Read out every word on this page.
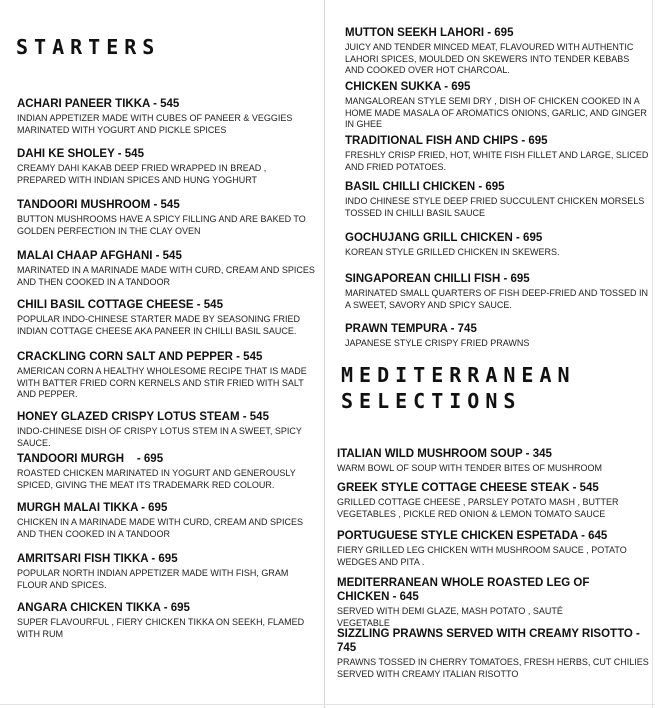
STARTERS

ACHARI PANEER TIKKA - 545

INDIAN APPETIZER MADE WITH CUBES OF PANEER & VEGGIES MARINATED WITH YOGURT AND PICKLE SPICES

DAHI KE SHOLEY - 545

CREAMY DAHI KAKAB DEEP FRIED WRAPPED IN BREAD , PREPARED WITH INDIAN SPICES AND HUNG YOGHURT

TANDOORI MUSHROOM - 545

BUTTON MUSHROOMS HAVE A SPICY FILLING AND ARE BAKED TO GOLDEN PERFECTION IN THE CLAY OVEN

MALAI CHAAP AFGHANI - 545

MARINATED IN A MARINADE MADE WITH CURD, CREAM AND SPICES AND THEN COOKED IN A TANDOOR

CHILI BASIL COTTAGE CHEESE - 545

POPULAR INDO-CHINESE STARTER MADE BY SEASONING FRIED INDIAN COTTAGE CHEESE AKA PANEER IN CHILLI BASIL SAUCE.

CRACKLING CORN SALT AND PEPPER - 545

AMERICAN CORN A HEALTHY WHOLESOME RECIPE THAT IS MADE WITH BATTER FRIED CORN KERNELS AND STIR FRIED WITH SALT AND PEPPER.

HONEY GLAZED CRISPY LOTUS STEAM - 545

INDO-CHINESE DISH OF CRISPY LOTUS STEM IN A SWEET, SPICY SAUCE.

TANDOORI MURGH    - 695

ROASTED CHICKEN MARINATED IN YOGURT AND GENEROUSLY SPICED, GIVING THE MEAT ITS TRADEMARK RED COLOUR.

MURGH MALAI TIKKA - 695

CHICKEN IN A MARINADE MADE WITH CURD, CREAM AND SPICES AND THEN COOKED IN A TANDOOR

AMRITSARI FISH TIKKA - 695

POPULAR NORTH INDIAN APPETIZER MADE WITH FISH, GRAM FLOUR AND SPICES.

ANGARA CHICKEN TIKKA - 695

SUPER FLAVOURFUL , FIERY CHICKEN TIKKA ON SEEKH, FLAMED WITH RUM

MUTTON SEEKH LAHORI - 695

JUICY AND TENDER MINCED MEAT, FLAVOURED WITH AUTHENTIC LAHORI SPICES, MOULDED ON SKEWERS INTO TENDER KEBABS AND COOKED OVER HOT CHARCOAL.

CHICKEN SUKKA - 695

MANGALOREAN STYLE SEMI DRY , DISH OF CHICKEN COOKED IN A HOME MADE MASALA OF AROMATICS ONIONS, GARLIC, AND GINGER IN GHEE

TRADITIONAL FISH AND CHIPS - 695

FRESHLY CRISP FRIED, HOT, WHITE FISH FILLET AND LARGE, SLICED AND FRIED POTATOES.

BASIL CHILLI CHICKEN - 695

INDO CHINESE STYLE DEEP FRIED SUCCULENT CHICKEN MORSELS TOSSED IN CHILLI BASIL SAUCE

GOCHUJANG GRILL CHICKEN - 695

KOREAN STYLE GRILLED CHICKEN IN SKEWERS.

SINGAPOREAN CHILLI FISH - 695

MARINATED SMALL QUARTERS OF FISH DEEP-FRIED AND TOSSED IN A SWEET, SAVORY AND SPICY SAUCE.

PRAWN TEMPURA - 745

JAPANESE STYLE CRISPY FRIED PRAWNS

MEDITERRANEAN
SELECTIONS

ITALIAN WILD MUSHROOM SOUP - 345

WARM BOWL OF SOUP WITH TENDER BITES OF MUSHROOM

GREEK STYLE COTTAGE CHEESE STEAK - 545

GRILLED COTTAGE CHEESE , PARSLEY POTATO MASH , BUTTER VEGETABLES , PICKLE RED ONION & LEMON TOMATO SAUCE

PORTUGUESE STYLE CHICKEN ESPETADA - 645

FIERY GRILLED LEG CHICKEN WITH MUSHROOM SAUCE , POTATO WEDGES AND PITA .

MEDITERRANEAN WHOLE ROASTED LEG OF CHICKEN - 645

SERVED WITH DEMI GLAZE, MASH POTATO , SAUTÉ VEGETABLE

SIZZLING PRAWNS SERVED WITH CREAMY RISOTTO - 745

PRAWNS TOSSED IN CHERRY TOMATOES, FRESH HERBS, CUT CHILIES SERVED WITH CREAMY ITALIAN RISOTTO
